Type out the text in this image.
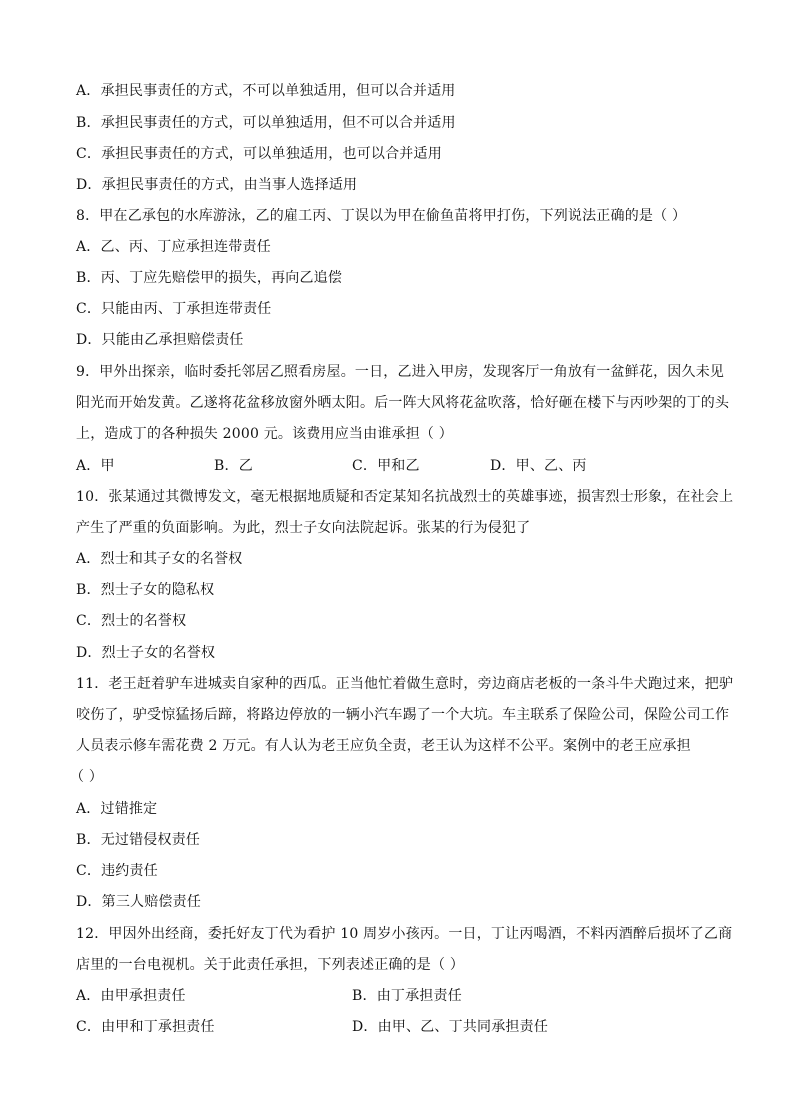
A．承担民事责任的方式，不可以单独适用，但可以合并适用
B．承担民事责任的方式，可以单独适用，但不可以合并适用
C．承担民事责任的方式，可以单独适用，也可以合并适用
D．承担民事责任的方式，由当事人选择适用
8．甲在乙承包的水库游泳，乙的雇工丙、丁误以为甲在偷鱼苗将甲打伤，下列说法正确的是（ ）
A．乙、丙、丁应承担连带责任
B．丙、丁应先赔偿甲的损失，再向乙追偿
C．只能由丙、丁承担连带责任
D．只能由乙承担赔偿责任
9．甲外出探亲，临时委托邻居乙照看房屋。一日，乙进入甲房，发现客厅一角放有一盆鲜花，因久未见
阳光而开始发黄。乙遂将花盆移放窗外晒太阳。后一阵大风将花盆吹落，恰好砸在楼下与丙吵架的丁的头
上，造成丁的各种损失 2000 元。该费用应当由谁承担（ ）
A．甲	B．乙	C．甲和乙	D．甲、乙、丙
10．张某通过其微博发文，毫无根据地质疑和否定某知名抗战烈士的英雄事迹，损害烈士形象，在社会上
产生了严重的负面影响。为此，烈士子女向法院起诉。张某的行为侵犯了
A．烈士和其子女的名誉权
B．烈士子女的隐私权
C．烈士的名誉权
D．烈士子女的名誉权
11．老王赶着驴车进城卖自家种的西瓜。正当他忙着做生意时，旁边商店老板的一条斗牛犬跑过来，把驴
咬伤了，驴受惊猛扬后蹄，将路边停放的一辆小汽车踢了一个大坑。车主联系了保险公司，保险公司工作
人员表示修车需花费 2 万元。有人认为老王应负全责，老王认为这样不公平。案例中的老王应承担
（ ）
A．过错推定
B．无过错侵权责任
C．违约责任
D．第三人赔偿责任
12．甲因外出经商，委托好友丁代为看护 10 周岁小孩丙。一日，丁让丙喝酒，不料丙酒醉后损坏了乙商
店里的一台电视机。关于此责任承担，下列表述正确的是（ ）
A．由甲承担责任	B．由丁承担责任
C．由甲和丁承担责任	D．由甲、乙、丁共同承担责任
